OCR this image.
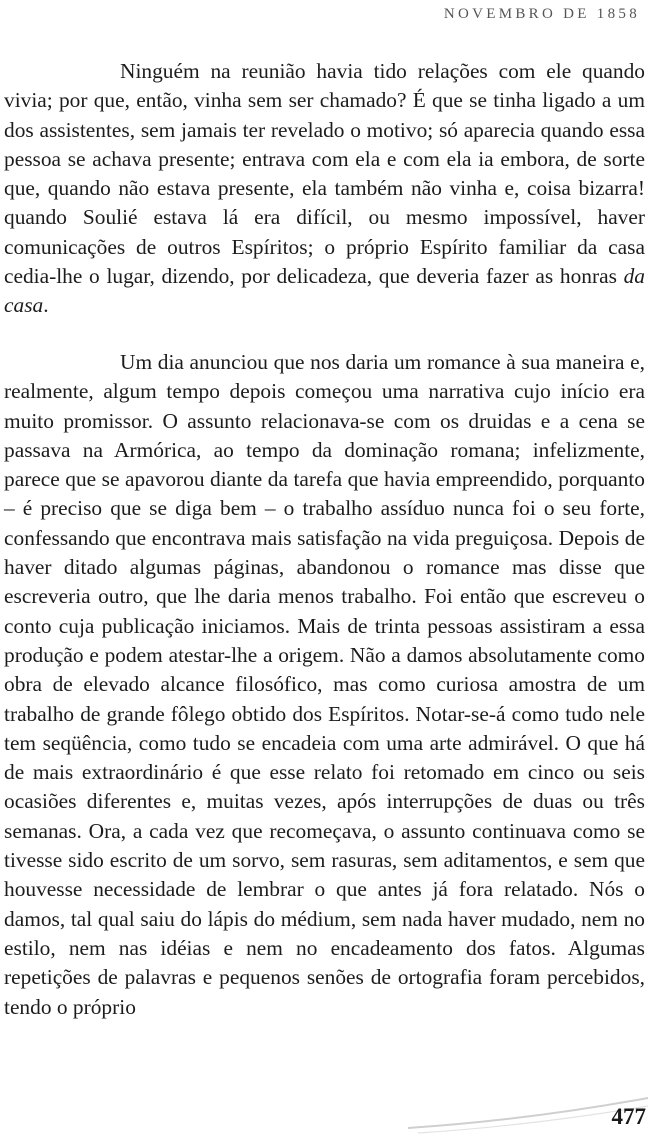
NOVEMBRO DE 1858

Ninguém na reunião havia tido relações com ele quando vivia; por que, então, vinha sem ser chamado? É que se tinha ligado a um dos assistentes, sem jamais ter revelado o motivo; só aparecia quando essa pessoa se achava presente; entrava com ela e com ela ia embora, de sorte que, quando não estava presente, ela também não vinha e, coisa bizarra! quando Soulié estava lá era difícil, ou mesmo impossível, haver comunicações de outros Espíritos; o próprio Espírito familiar da casa cedia-lhe o lugar, dizendo, por delicadeza, que deveria fazer as honras da casa.

Um dia anunciou que nos daria um romance à sua maneira e, realmente, algum tempo depois começou uma narrativa cujo início era muito promissor. O assunto relacionava-se com os druidas e a cena se passava na Armórica, ao tempo da dominação romana; infelizmente, parece que se apavorou diante da tarefa que havia empreendido, porquanto – é preciso que se diga bem – o trabalho assíduo nunca foi o seu forte, confessando que encontrava mais satisfação na vida preguiçosa. Depois de haver ditado algumas páginas, abandonou o romance mas disse que escreveria outro, que lhe daria menos trabalho. Foi então que escreveu o conto cuja publicação iniciamos. Mais de trinta pessoas assistiram a essa produção e podem atestar-lhe a origem. Não a damos absolutamente como obra de elevado alcance filosófico, mas como curiosa amostra de um trabalho de grande fôlego obtido dos Espíritos. Notar-se-á como tudo nele tem seqüência, como tudo se encadeia com uma arte admirável. O que há de mais extraordinário é que esse relato foi retomado em cinco ou seis ocasiões diferentes e, muitas vezes, após interrupções de duas ou três semanas. Ora, a cada vez que recomeçava, o assunto continuava como se tivesse sido escrito de um sorvo, sem rasuras, sem aditamentos, e sem que houvesse necessidade de lembrar o que antes já fora relatado. Nós o damos, tal qual saiu do lápis do médium, sem nada haver mudado, nem no estilo, nem nas idéias e nem no encadeamento dos fatos. Algumas repetições de palavras e pequenos senões de ortografia foram percebidos, tendo o próprio

477
